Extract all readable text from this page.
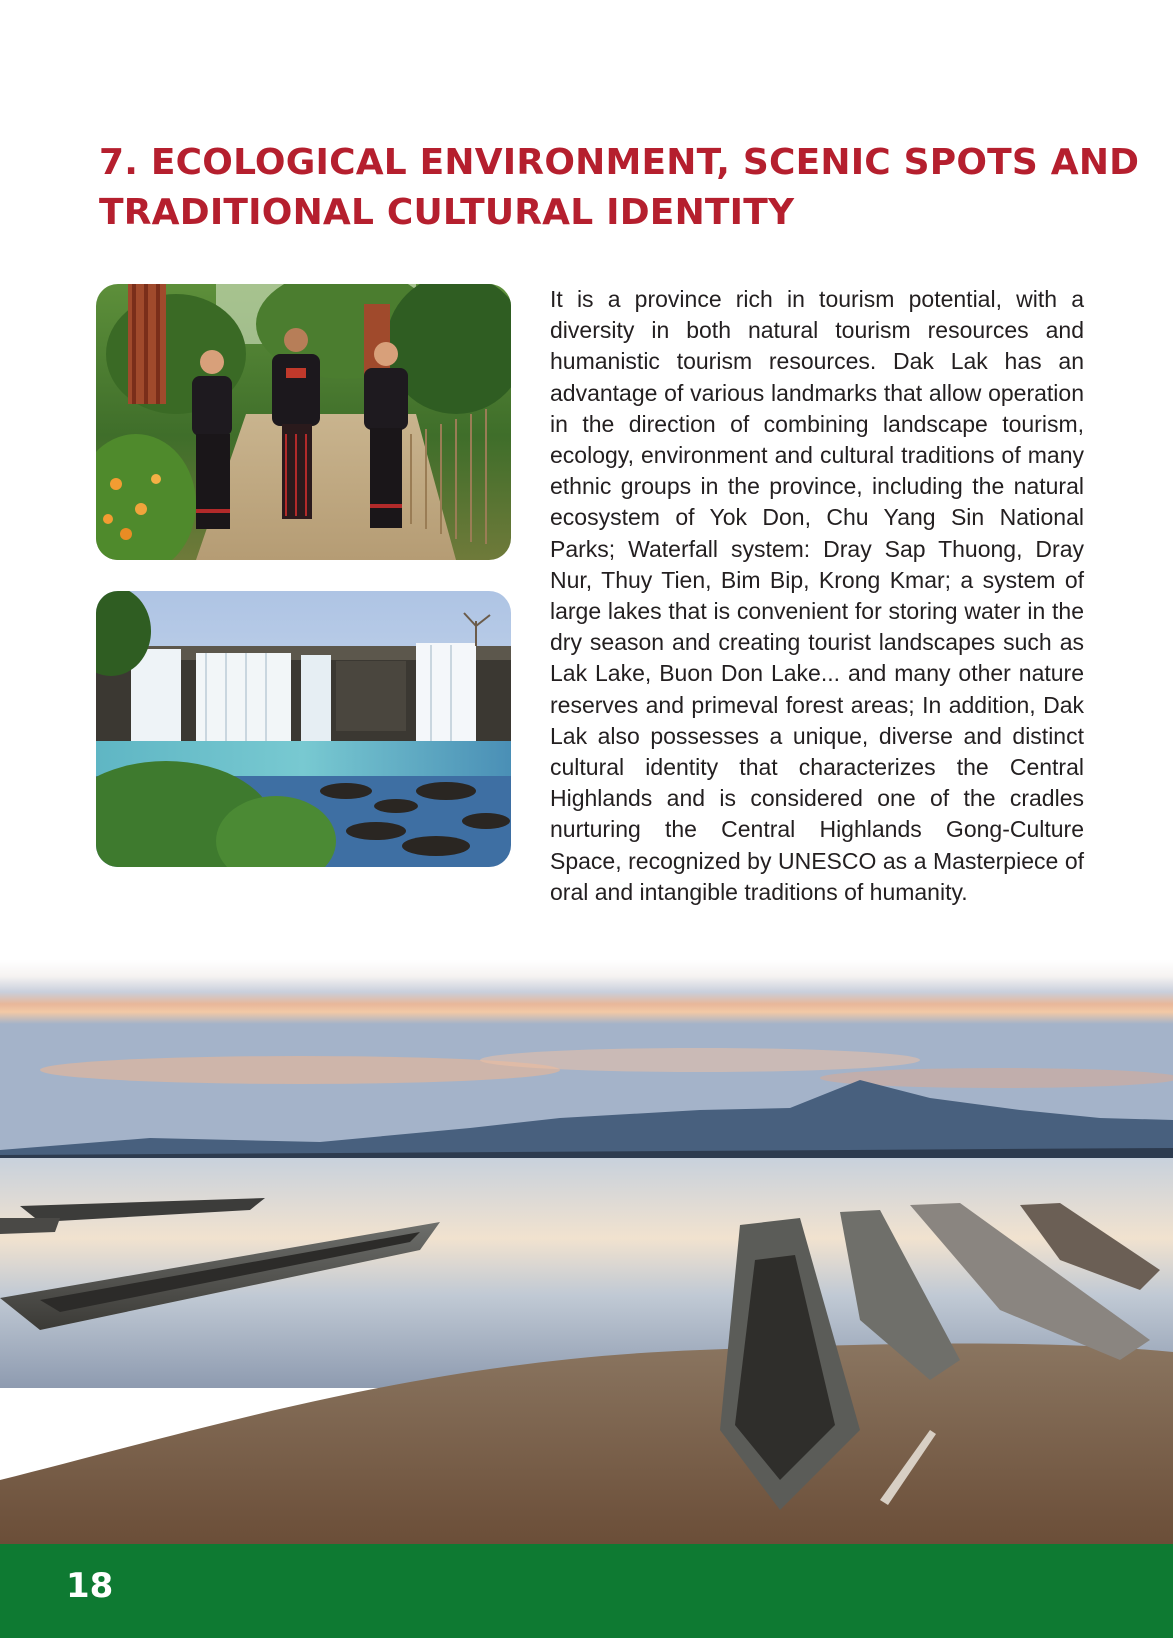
7. ECOLOGICAL ENVIRONMENT, SCENIC SPOTS AND
TRADITIONAL CULTURAL IDENTITY

It is a province rich in tourism potential, with a diversity in both natural tourism resources and humanistic tourism resources. Dak Lak has an advantage of various landmarks that allow operation in the direction of combining landscape tourism, ecology, environment and cultural traditions of many ethnic groups in the province, including the natural ecosystem of Yok Don, Chu Yang Sin National Parks; Waterfall system: Dray Sap Thuong, Dray Nur, Thuy Tien, Bim Bip, Krong Kmar; a system of large lakes that is convenient for storing water in the dry season and creating tourist landscapes such as Lak Lake, Buon Don Lake... and many other nature reserves and primeval forest areas; In addition, Dak Lak also possesses a unique, diverse and distinct cultural identity that characterizes the Central Highlands and is considered one of the cradles nurturing the Central Highlands Gong-Culture Space, recognized by UNESCO as a Masterpiece of oral and intangible traditions of humanity.

18
